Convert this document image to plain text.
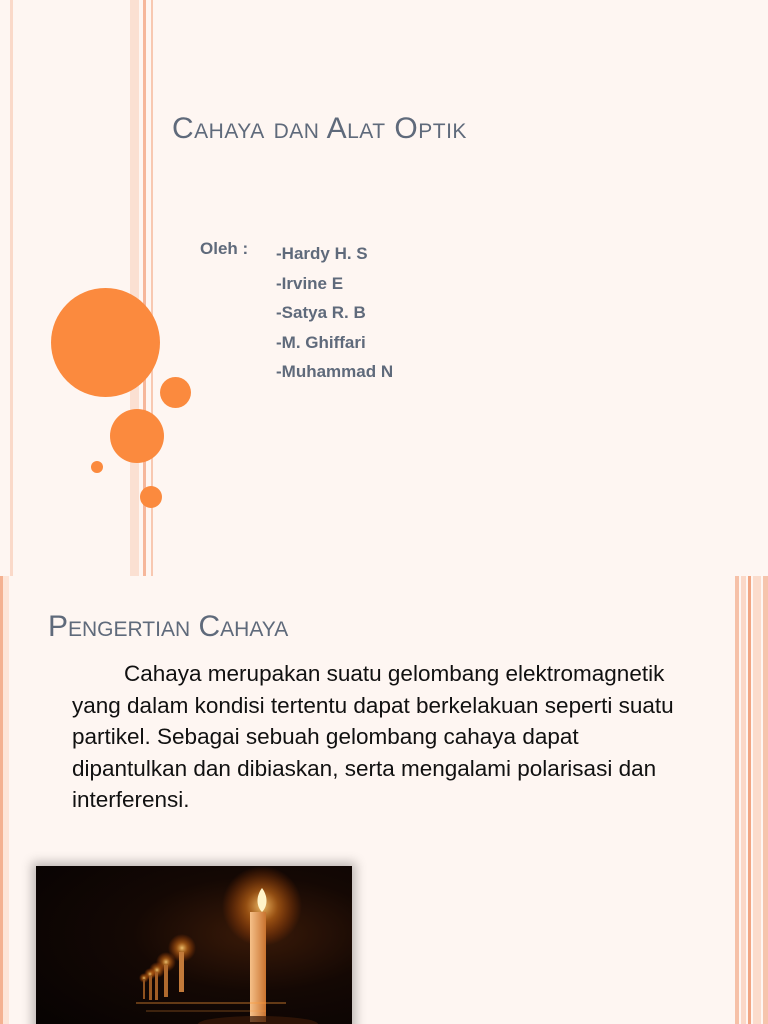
Cahaya dan Alat Optik
Oleh : -Hardy H. S
-Irvine E
-Satya R. B
-M. Ghiffari
-Muhammad N
Pengertian Cahaya

Cahaya merupakan suatu gelombang elektromagnetik yang dalam kondisi tertentu dapat berkelakuan seperti suatu partikel. Sebagai sebuah gelombang cahaya dapat dipantulkan dan dibiaskan, serta mengalami polarisasi dan interferensi.
